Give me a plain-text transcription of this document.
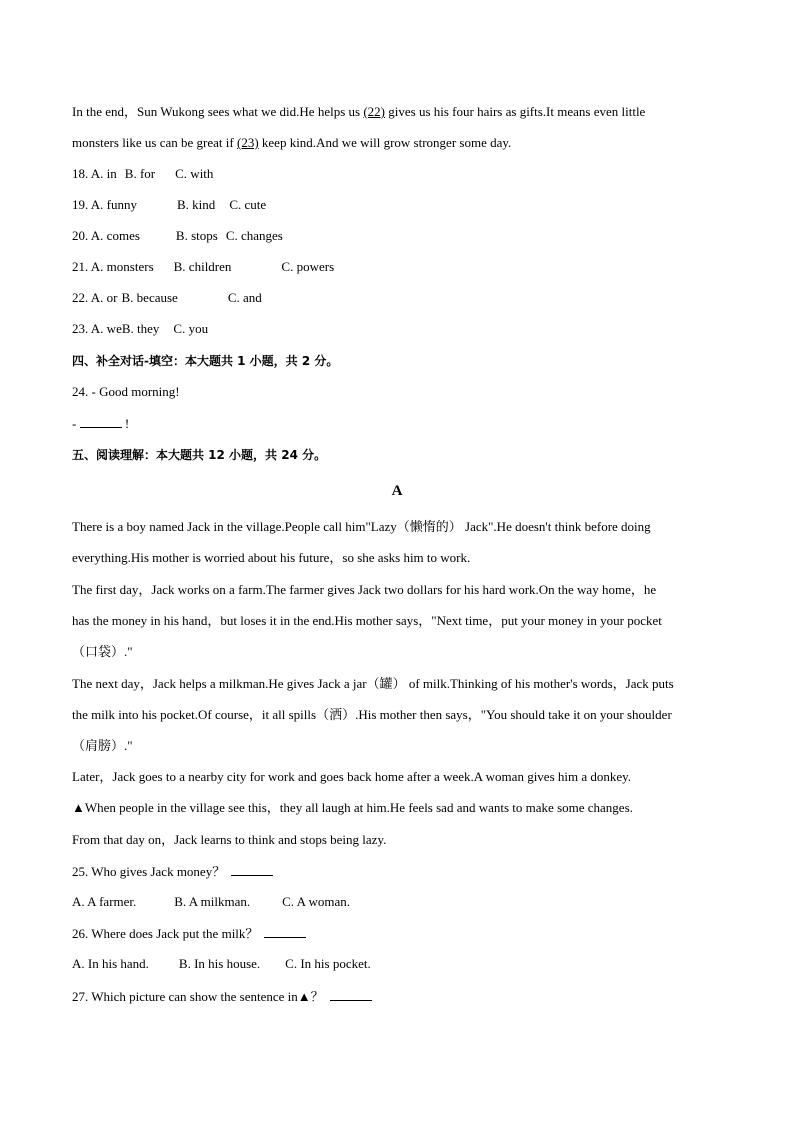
In the end，Sun Wukong sees what we did.He helps us (22) gives us his four hairs as gifts.It means even little
monsters like us can be great if (23) keep kind.And we will grow stronger some day.
18. A. in B. for C. with
19. A. funny	B. kind C. cute
20. A. comes	B. stops C. changes
21. A. monsters B. children	C. powers
22. A. or B. because	C. and
23. A. weB. they C. you
四、补全对话-填空：本大题共 1 小题，共 2 分。
24. - Good morning!
-	!
五、阅读理解：本大题共 12 小题，共 24 分。
A
There is a boy named Jack in the village.People call him"Lazy（懒惰的） Jack".He doesn't think before doing
everything.His mother is worried about his future，so she asks him to work.
The first day，Jack works on a farm.The farmer gives Jack two dollars for his hard work.On the way home，he
has the money in his hand，but loses it in the end.His mother says，"Next time，put your money in your pocket
（口袋）."
The next day，Jack helps a milkman.He gives Jack a jar（罐） of milk.Thinking of his mother's words，Jack puts
the milk into his pocket.Of course，it all spills（洒）.His mother then says，"You should take it on your shoulder
（肩膀）."
Later，Jack goes to a nearby city for work and goes back home after a week.A woman gives him a donkey.
▲When people in the village see this，they all laugh at him.He feels sad and wants to make some changes.
From that day on，Jack learns to think and stops being lazy.
25. Who gives Jack money？
A. A farmer.	B. A milkman. C. A woman.
26. Where does Jack put the milk？
A. In his hand. B. In his house. C. In his pocket.
27. Which picture can show the sentence in▲？
